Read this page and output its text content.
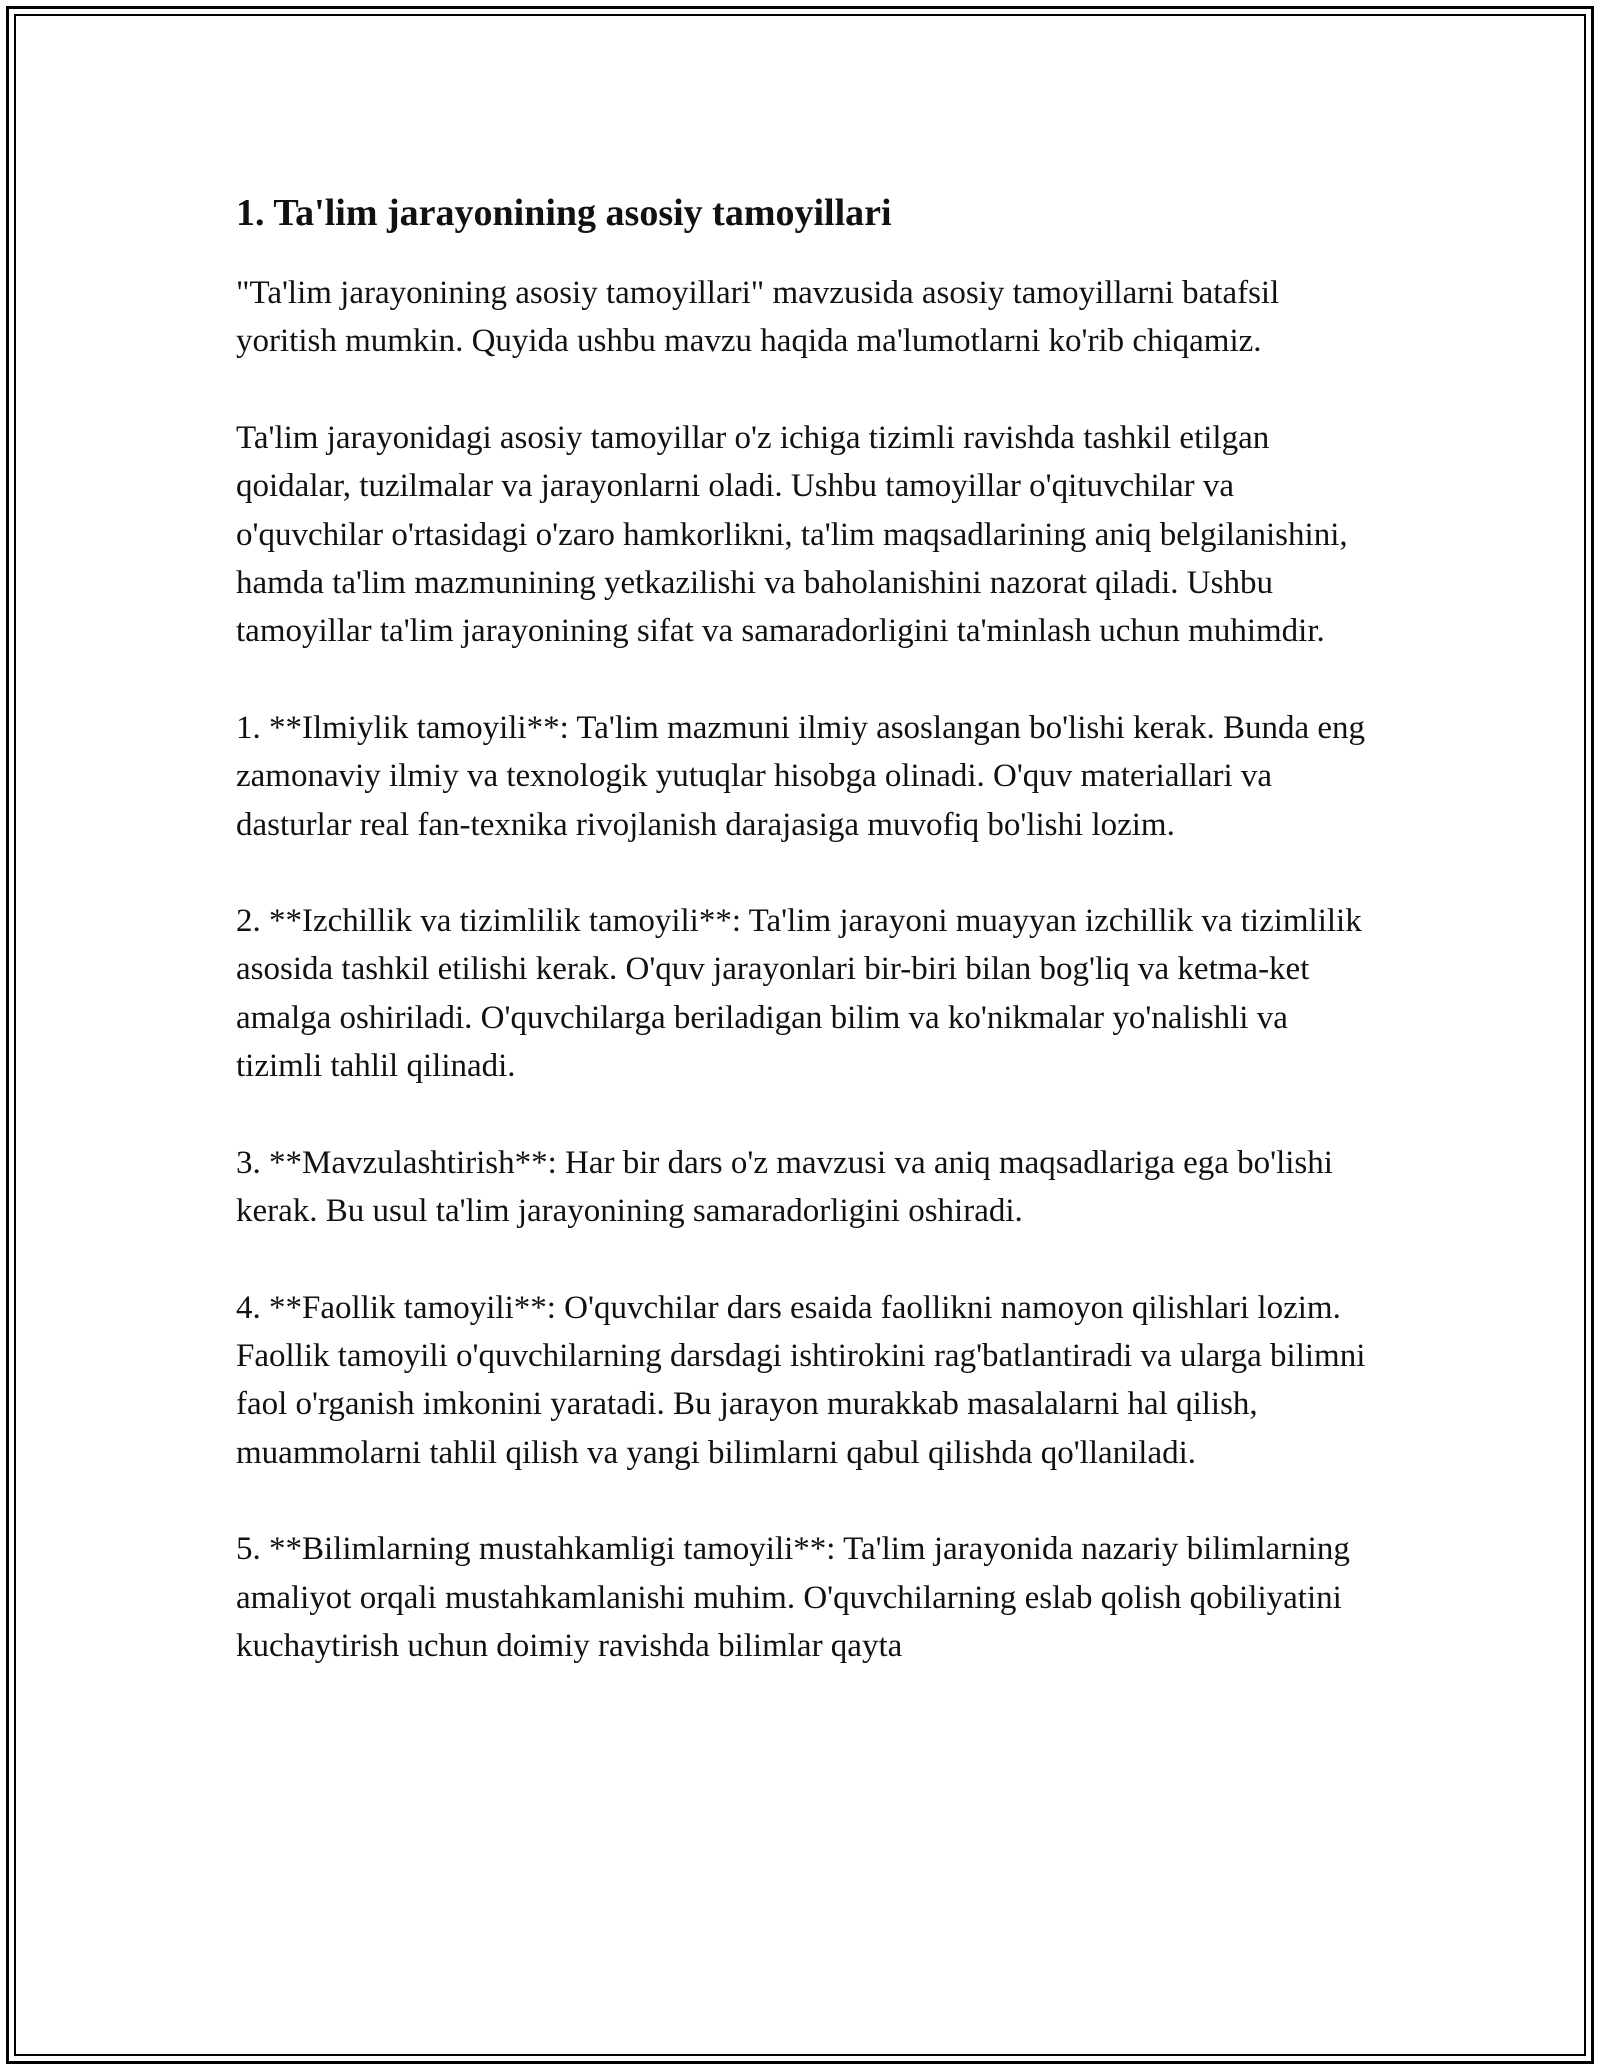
1. Ta'lim jarayonining asosiy tamoyillari

"Ta'lim jarayonining asosiy tamoyillari" mavzusida asosiy tamoyillarni batafsil yoritish mumkin. Quyida ushbu mavzu haqida ma'lumotlarni ko'rib chiqamiz.

Ta'lim jarayonidagi asosiy tamoyillar o'z ichiga tizimli ravishda tashkil etilgan qoidalar, tuzilmalar va jarayonlarni oladi. Ushbu tamoyillar o'qituvchilar va o'quvchilar o'rtasidagi o'zaro hamkorlikni, ta'lim maqsadlarining aniq belgilanishini, hamda ta'lim mazmunining yetkazilishi va baholanishini nazorat qiladi. Ushbu tamoyillar ta'lim jarayonining sifat va samaradorligini ta'minlash uchun muhimdir.

1. **Ilmiylik tamoyili**: Ta'lim mazmuni ilmiy asoslangan bo'lishi kerak. Bunda eng zamonaviy ilmiy va texnologik yutuqlar hisobga olinadi. O'quv materiallari va dasturlar real fan-texnika rivojlanish darajasiga muvofiq bo'lishi lozim.

2. **Izchillik va tizimlilik tamoyili**: Ta'lim jarayoni muayyan izchillik va tizimlilik asosida tashkil etilishi kerak. O'quv jarayonlari bir-biri bilan bog'liq va ketma-ket amalga oshiriladi. O'quvchilarga beriladigan bilim va ko'nikmalar yo'nalishli va tizimli tahlil qilinadi.

3. **Mavzulashtirish**: Har bir dars o'z mavzusi va aniq maqsadlariga ega bo'lishi kerak. Bu usul ta'lim jarayonining samaradorligini oshiradi.

4. **Faollik tamoyili**: O'quvchilar dars esaida faollikni namoyon qilishlari lozim. Faollik tamoyili o'quvchilarning darsdagi ishtirokini rag'batlantiradi va ularga bilimni faol o'rganish imkonini yaratadi. Bu jarayon murakkab masalalarni hal qilish, muammolarni tahlil qilish va yangi bilimlarni qabul qilishda qo'llaniladi.

5. **Bilimlarning mustahkamligi tamoyili**: Ta'lim jarayonida nazariy bilimlarning amaliyot orqali mustahkamlanishi muhim. O'quvchilarning eslab qolish qobiliyatini kuchaytirish uchun doimiy ravishda bilimlar qayta
